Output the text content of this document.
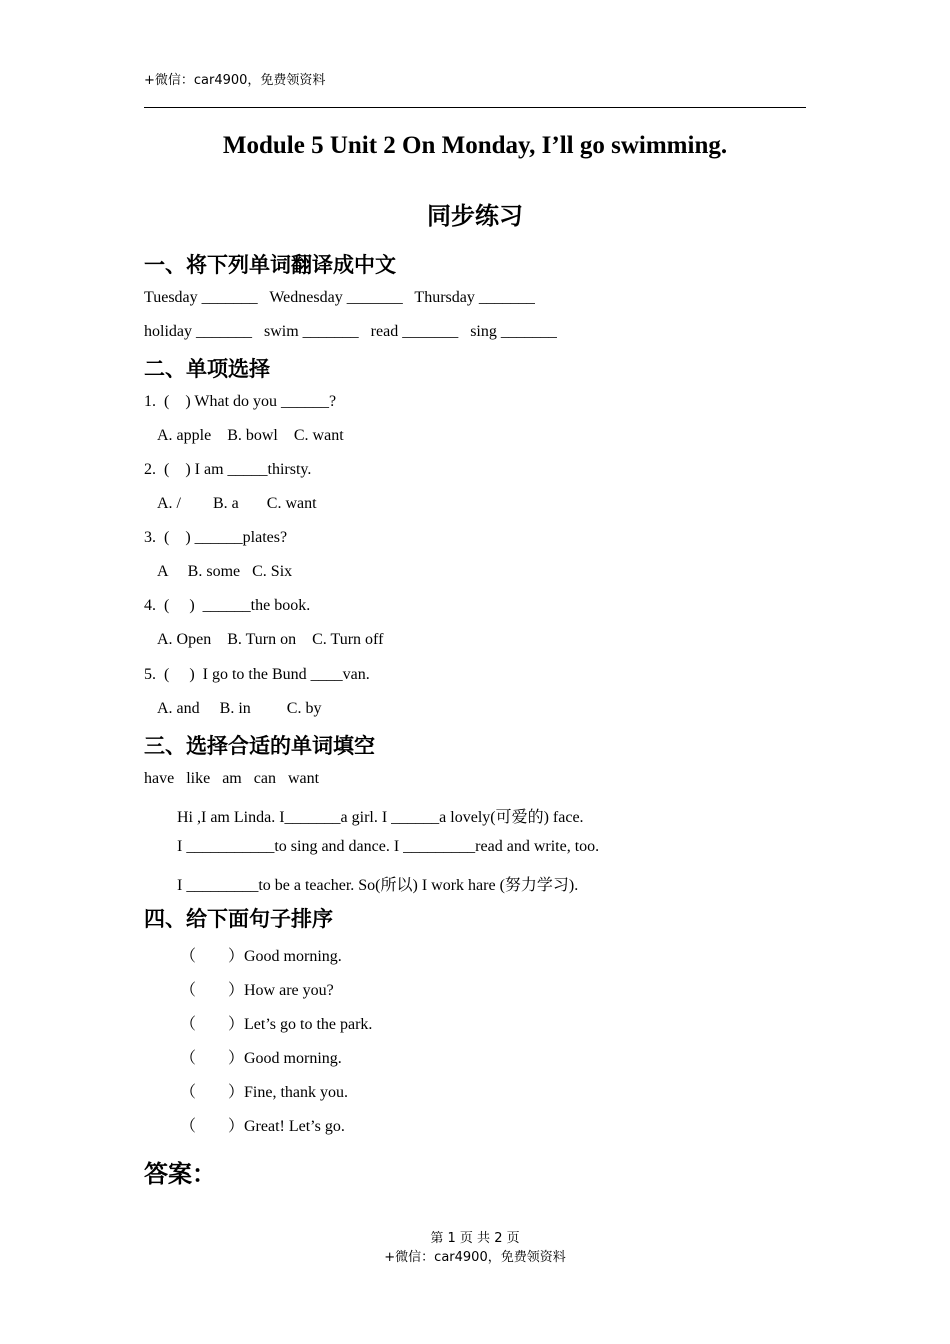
+微信：car4900，免费领资料
Module 5 Unit 2 On Monday, I’ll go swimming.
同步练习
一、将下列单词翻译成中文
Tuesday _______   Wednesday _______   Thursday _______
holiday _______   swim _______   read _______   sing _______
二、单项选择
1.  (    ) What do you ______?
A. apple    B. bowl    C. want
2.  (    ) I am _____thirsty.
A. /        B. a       C. want
3.  (    ) ______plates?
A     B. some   C. Six
4.  (     )  ______the book.
A. Open    B. Turn on    C. Turn off
5.  (     )  I go to the Bund ____van.
A. and     B. in         C. by
三、选择合适的单词填空
have   like   am   can   want
Hi ,I am Linda. I_______a girl. I ______a lovely(可爱的) face.
I ___________to sing and dance. I _________read and write, too.
I _________to be a teacher. So(所以) I work hare (努力学习).
四、给下面句子排序
（        ）Good morning.
（        ）How are you?
（        ）Let’s go to the park.
（        ）Good morning.
（        ）Fine, thank you.
（        ）Great! Let’s go.
答案：
第 1 页 共 2 页
+微信：car4900，免费领资料
